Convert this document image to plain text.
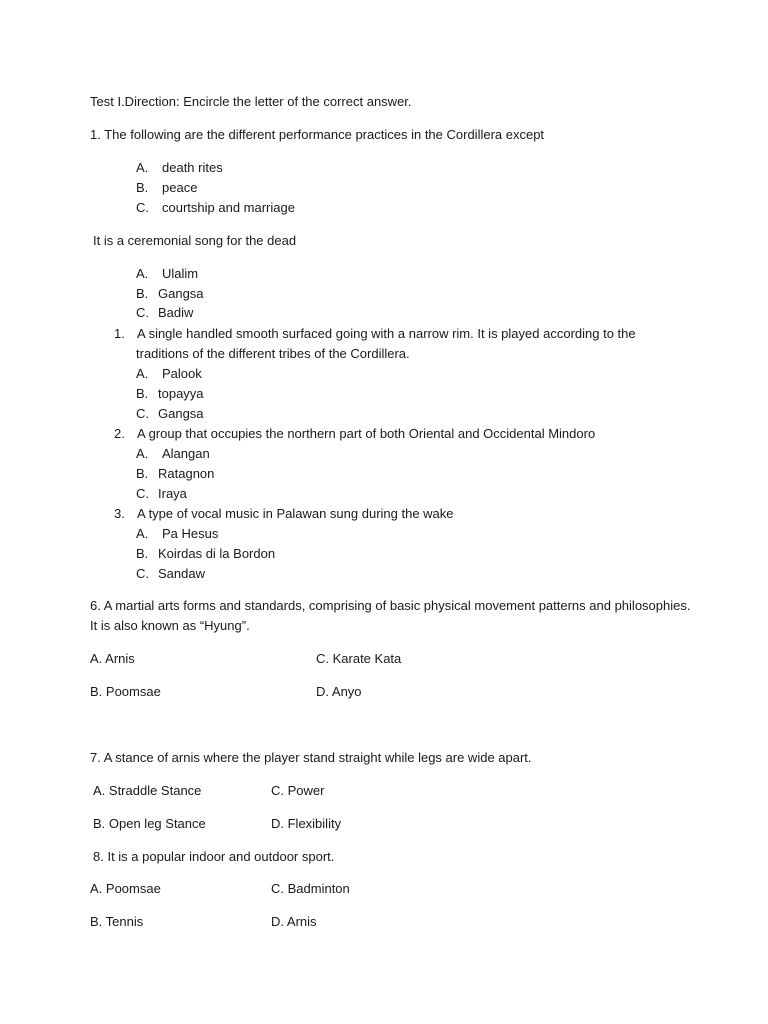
Test I.Direction: Encircle the letter of the correct answer.
1. The following are the different performance practices in the Cordillera except
A. death rites
B. peace
C. courtship and marriage
It is a ceremonial song for the dead
A. Ulalim
B. Gangsa
C. Badiw
1. A single handled smooth surfaced going with a narrow rim. It is played according to the
traditions of the different tribes of the Cordillera.
A. Palook
B. topayya
C. Gangsa
2. A group that occupies the northern part of both Oriental and Occidental Mindoro
A. Alangan
B. Ratagnon
C. Iraya
3. A type of vocal music in Palawan sung during the wake
A. Pa Hesus
B. Koirdas di la Bordon
C. Sandaw
6. A martial arts forms and standards, comprising of basic physical movement patterns and philosophies.
It is also known as “Hyung”.
A. Arnis	C. Karate Kata
B. Poomsae	D. Anyo
7. A stance of arnis where the player stand straight while legs are wide apart.
A. Straddle Stance	C. Power
B. Open leg Stance	D. Flexibility
8. It is a popular indoor and outdoor sport.
A. Poomsae	C. Badminton
B. Tennis	D. Arnis
